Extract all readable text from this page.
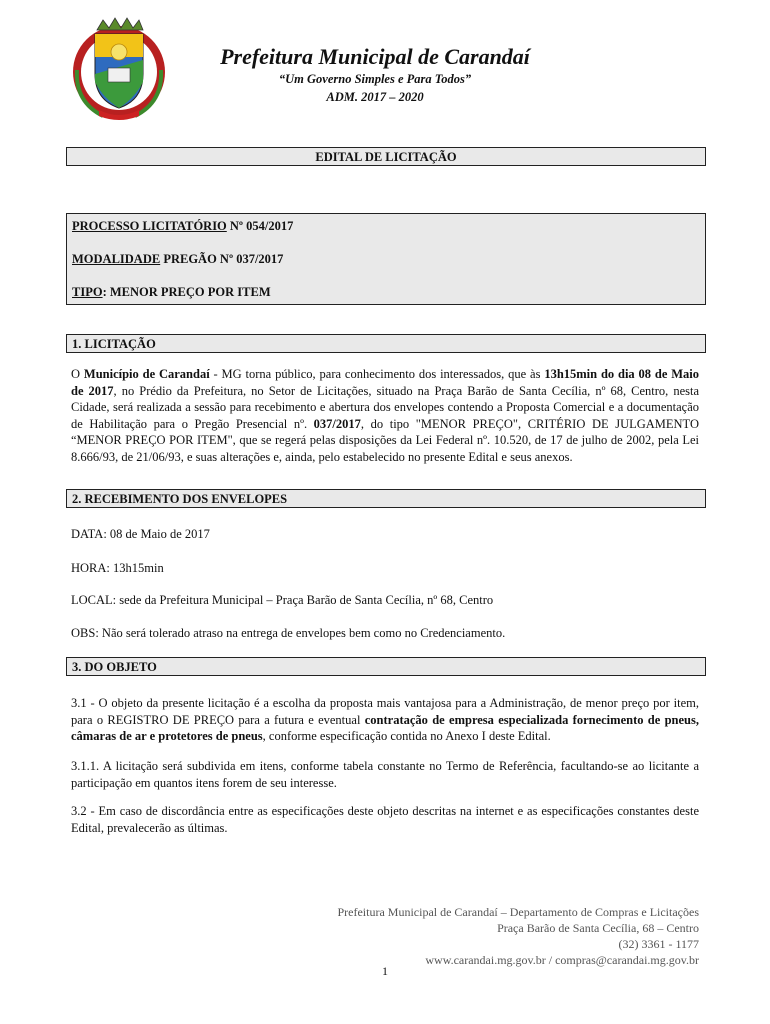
Prefeitura Municipal de Carandaí
“Um Governo Simples e Para Todos”
ADM. 2017 – 2020
EDITAL DE LICITAÇÃO
PROCESSO LICITATÓRIO Nº 054/2017
MODALIDADE PREGÃO Nº 037/2017
TIPO: MENOR PREÇO POR ITEM
1. LICITAÇÃO
O Município de Carandaí - MG torna público, para conhecimento dos interessados, que às 13h15min do dia 08 de Maio de 2017, no Prédio da Prefeitura, no Setor de Licitações, situado na Praça Barão de Santa Cecília, nº 68, Centro, nesta Cidade, será realizada a sessão para recebimento e abertura dos envelopes contendo a Proposta Comercial e a documentação de Habilitação para o Pregão Presencial nº. 037/2017, do tipo "MENOR PREÇO", CRITÉRIO DE JULGAMENTO “MENOR PREÇO POR ITEM", que se regerá pelas disposições da Lei Federal nº. 10.520, de 17 de julho de 2002, pela Lei 8.666/93, de 21/06/93, e suas alterações e, ainda, pelo estabelecido no presente Edital e seus anexos.
2. RECEBIMENTO DOS ENVELOPES
DATA: 08 de Maio de 2017
HORA: 13h15min
LOCAL: sede da Prefeitura Municipal – Praça Barão de Santa Cecília, nº 68, Centro
OBS: Não será tolerado atraso na entrega de envelopes bem como no Credenciamento.
3. DO OBJETO
3.1 - O objeto da presente licitação é a escolha da proposta mais vantajosa para a Administração, de menor preço por item, para o REGISTRO DE PREÇO para a futura e eventual contratação de empresa especializada fornecimento de pneus, câmaras de ar e protetores de pneus, conforme especificação contida no Anexo I deste Edital.
3.1.1. A licitação será subdivida em itens, conforme tabela constante no Termo de Referência, facultando-se ao licitante a participação em quantos itens forem de seu interesse.
3.2 - Em caso de discordância entre as especificações deste objeto descritas na internet e as especificações constantes deste Edital, prevalecerão as últimas.
Prefeitura Municipal de Carandaí – Departamento de Compras e Licitações
Praça Barão de Santa Cecília, 68 – Centro
(32) 3361 - 1177
www.carandai.mg.gov.br / compras@carandai.mg.gov.br
1
